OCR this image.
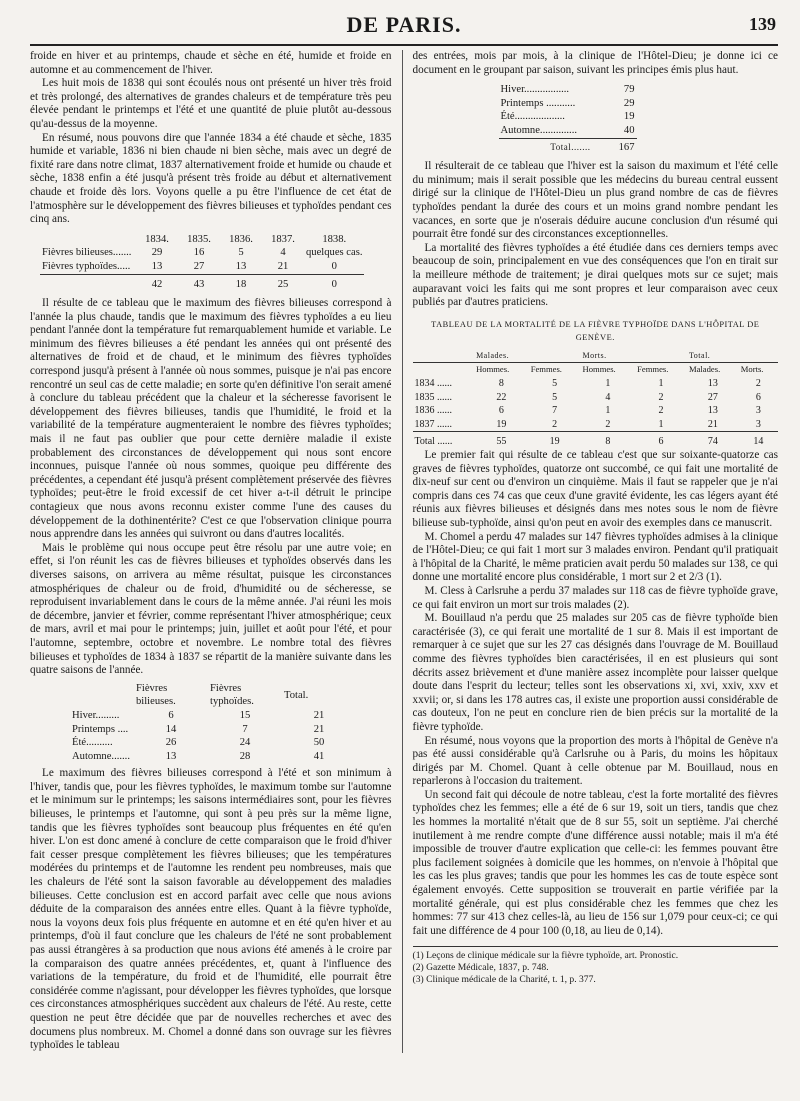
DE PARIS.	139

froide en hiver et au printemps, chaude et sèche en été, humide et froide en automne et au commencement de l'hiver.

Les huit mois de 1838 qui sont écoulés nous ont présenté un hiver très froid et très prolongé, des alternatives de grandes chaleurs et de température très peu élevée pendant le printemps et l'été et une quantité de pluie plutôt au-dessous qu'au-dessus de la moyenne.

En résumé, nous pouvons dire que l'année 1834 a été chaude et sèche, 1835 humide et variable, 1836 ni bien chaude ni bien sèche, mais avec un degré de fixité rare dans notre climat, 1837 alternativement froide et humide ou chaude et sèche, 1838 enfin a été jusqu'à présent très froide au début et alternativement chaude et froide dès lors. Voyons quelle a pu être l'influence de cet état de l'atmosphère sur le développement des fièvres bilieuses et typhoïdes pendant ces cinq ans.

	1834.	1835.	1836.	1837.	1838.
Fièvres bilieuses.......	29	16	5	4	quelques cas.
Fièvres typhoïdes.....	13	27	13	21	0
	42	43	18	25	0

Il résulte de ce tableau que le maximum des fièvres bilieuses correspond à l'année la plus chaude, tandis que le maximum des fièvres typhoïdes a eu lieu pendant l'année dont la température fut remarquablement humide et variable. Le minimum des fièvres bilieuses a été pendant les années qui ont présenté des alternatives de froid et de chaud, et le minimum des fièvres typhoïdes correspond jusqu'à présent à l'année où nous sommes, puisque je n'ai pas encore rencontré un seul cas de cette maladie; en sorte qu'en définitive l'on serait amené à conclure du tableau précédent que la chaleur et la sécheresse favorisent le développement des fièvres bilieuses, tandis que l'humidité, le froid et la variabilité de la température augmenteraient le nombre des fièvres typhoïdes; mais il ne faut pas oublier que pour cette dernière maladie il existe probablement des circonstances de développement qui nous sont encore inconnues, puisque l'année où nous sommes, quoique peu différente des précédentes, a cependant été jusqu'à présent complètement préservée des fièvres typhoïdes; peut-être le froid excessif de cet hiver a-t-il détruit le principe contagieux que nous avons reconnu exister comme l'une des causes du développement de la dothinentérite? C'est ce que l'observation clinique pourra nous apprendre dans les années qui suivront ou dans d'autres localités.

Mais le problème qui nous occupe peut être résolu par une autre voie; en effet, si l'on réunit les cas de fièvres bilieuses et typhoïdes observés dans les diverses saisons, on arrivera au même résultat, puisque les circonstances atmosphériques de chaleur ou de froid, d'humidité ou de sécheresse, se reproduisent invariablement dans le cours de la même année. J'ai réuni les mois de décembre, janvier et février, comme représentant l'hiver atmosphérique; ceux de mars, avril et mai pour le printemps; juin, juillet et août pour l'été, et pour l'automne, septembre, octobre et novembre. Le nombre total des fièvres bilieuses et typhoïdes de 1834 à 1837 se répartit de la manière suivante dans les quatre saisons de l'année.

	Fièvres bilieuses.	Fièvres typhoïdes.	Total.
Hiver.........	6	15	21
Printemps ....	14	7	21
Été..........	26	24	50
Automne.......	13	28	41

Le maximum des fièvres bilieuses correspond à l'été et son minimum à l'hiver, tandis que, pour les fièvres typhoïdes, le maximum tombe sur l'automne et le minimum sur le printemps; les saisons intermédiaires sont, pour les fièvres bilieuses, le printemps et l'automne, qui sont à peu près sur la même ligne, tandis que les fièvres typhoïdes sont beaucoup plus fréquentes en été qu'en hiver. L'on est donc amené à conclure de cette comparaison que le froid d'hiver fait cesser presque complètement les fièvres bilieuses; que les températures modérées du printemps et de l'automne les rendent peu nombreuses, mais que les chaleurs de l'été sont la saison favorable au développement des maladies bilieuses. Cette conclusion est en accord parfait avec celle que nous avions déduite de la comparaison des années entre elles. Quant à la fièvre typhoïde, nous la voyons deux fois plus fréquente en automne et en été qu'en hiver et au printemps, d'où il faut conclure que les chaleurs de l'été ne sont probablement pas aussi étrangères à sa production que nous avions été amenés à le croire par la comparaison des quatre années précédentes, et, quant à l'influence des variations de la température, du froid et de l'humidité, elle pourrait être considérée comme n'agissant, pour développer les fièvres typhoïdes, que lorsque ces circonstances atmosphériques succèdent aux chaleurs de l'été. Au reste, cette question ne peut être décidée que par de nouvelles recherches et avec des documens plus nombreux. M. Chomel a donné dans son ouvrage sur les fièvres typhoïdes le tableau

des entrées, mois par mois, à la clinique de l'Hôtel-Dieu; je donne ici ce document en le groupant par saison, suivant les principes émis plus haut.

Hiver.................	79
Printemps ...........	29
Été...................	19
Automne..............	40
Total.......	167

Il résulterait de ce tableau que l'hiver est la saison du maximum et l'été celle du minimum; mais il serait possible que les médecins du bureau central eussent dirigé sur la clinique de l'Hôtel-Dieu un plus grand nombre de cas de fièvres typhoïdes pendant la durée des cours et un moins grand nombre pendant les vacances, en sorte que je n'oserais déduire aucune conclusion d'un résumé qui pourrait être fondé sur des circonstances exceptionnelles.

La mortalité des fièvres typhoïdes a été étudiée dans ces derniers temps avec beaucoup de soin, principalement en vue des conséquences que l'on en tirait sur la meilleure méthode de traitement; je dirai quelques mots sur ce sujet; mais auparavant voici les faits qui me sont propres et leur comparaison avec ceux publiés par d'autres praticiens.

TABLEAU DE LA MORTALITÉ DE LA FIÈVRE TYPHOÏDE DANS L'HÔPITAL DE GENÈVE.
	Malades.		Morts.		Total.	
	Hommes.	Femmes.	Hommes.	Femmes.	Malades.	Morts.
1834 ......	8	5	1	1	13	2
1835 ......	22	5	4	2	27	6
1836 ......	6	7	1	2	13	3
1837 ......	19	2	2	1	21	3
Total ......	55	19	8	6	74	14

Le premier fait qui résulte de ce tableau c'est que sur soixante-quatorze cas graves de fièvres typhoïdes, quatorze ont succombé, ce qui fait une mortalité de dix-neuf sur cent ou d'environ un cinquième. Mais il faut se rappeler que je n'ai compris dans ces 74 cas que ceux d'une gravité évidente, les cas légers ayant été réunis aux fièvres bilieuses et désignés dans mes notes sous le nom de fièvre bilieuse sub-typhoïde, ainsi qu'on peut en avoir des exemples dans ce manuscrit.

M. Chomel a perdu 47 malades sur 147 fièvres typhoïdes admises à la clinique de l'Hôtel-Dieu; ce qui fait 1 mort sur 3 malades environ. Pendant qu'il pratiquait à l'hôpital de la Charité, le même praticien avait perdu 50 malades sur 138, ce qui donne une mortalité encore plus considérable, 1 mort sur 2 et 2/3 (1).

M. Cless à Carlsruhe a perdu 37 malades sur 118 cas de fièvre typhoïde grave, ce qui fait environ un mort sur trois malades (2).

M. Bouillaud n'a perdu que 25 malades sur 205 cas de fièvre typhoïde bien caractérisée (3), ce qui ferait une mortalité de 1 sur 8. Mais il est important de remarquer à ce sujet que sur les 27 cas désignés dans l'ouvrage de M. Bouillaud comme des fièvres typhoïdes bien caractérisées, il en est plusieurs qui sont décrits assez brièvement et d'une manière assez incomplète pour laisser quelque doute dans l'esprit du lecteur; telles sont les observations xi, xvi, xxiv, xxv et xxvii; or, si dans les 178 autres cas, il existe une proportion aussi considérable de cas douteux, l'on ne peut en conclure rien de bien précis sur la mortalité de la fièvre typhoïde.

En résumé, nous voyons que la proportion des morts à l'hôpital de Genève n'a pas été aussi considérable qu'à Carlsruhe ou à Paris, du moins les hôpitaux dirigés par M. Chomel. Quant à celle obtenue par M. Bouillaud, nous en reparlerons à l'occasion du traitement.

Un second fait qui découle de notre tableau, c'est la forte mortalité des fièvres typhoïdes chez les femmes; elle a été de 6 sur 19, soit un tiers, tandis que chez les hommes la mortalité n'était que de 8 sur 55, soit un septième. J'ai cherché inutilement à me rendre compte d'une différence aussi notable; mais il m'a été impossible de trouver d'autre explication que celle-ci: les femmes pouvant être plus facilement soignées à domicile que les hommes, on n'envoie à l'hôpital que les cas les plus graves; tandis que pour les hommes les cas de toute espèce sont également envoyés. Cette supposition se trouverait en partie vérifiée par la mortalité générale, qui est plus considérable chez les femmes que chez les hommes: 77 sur 413 chez celles-là, au lieu de 156 sur 1,079 pour ceux-ci; ce qui fait une différence de 4 pour 100 (0,18, au lieu de 0,14).

(1) Leçons de clinique médicale sur la fièvre typhoïde, art. Pronostic.
(2) Gazette Médicale, 1837, p. 748.
(3) Clinique médicale de la Charité, t. 1, p. 377.
